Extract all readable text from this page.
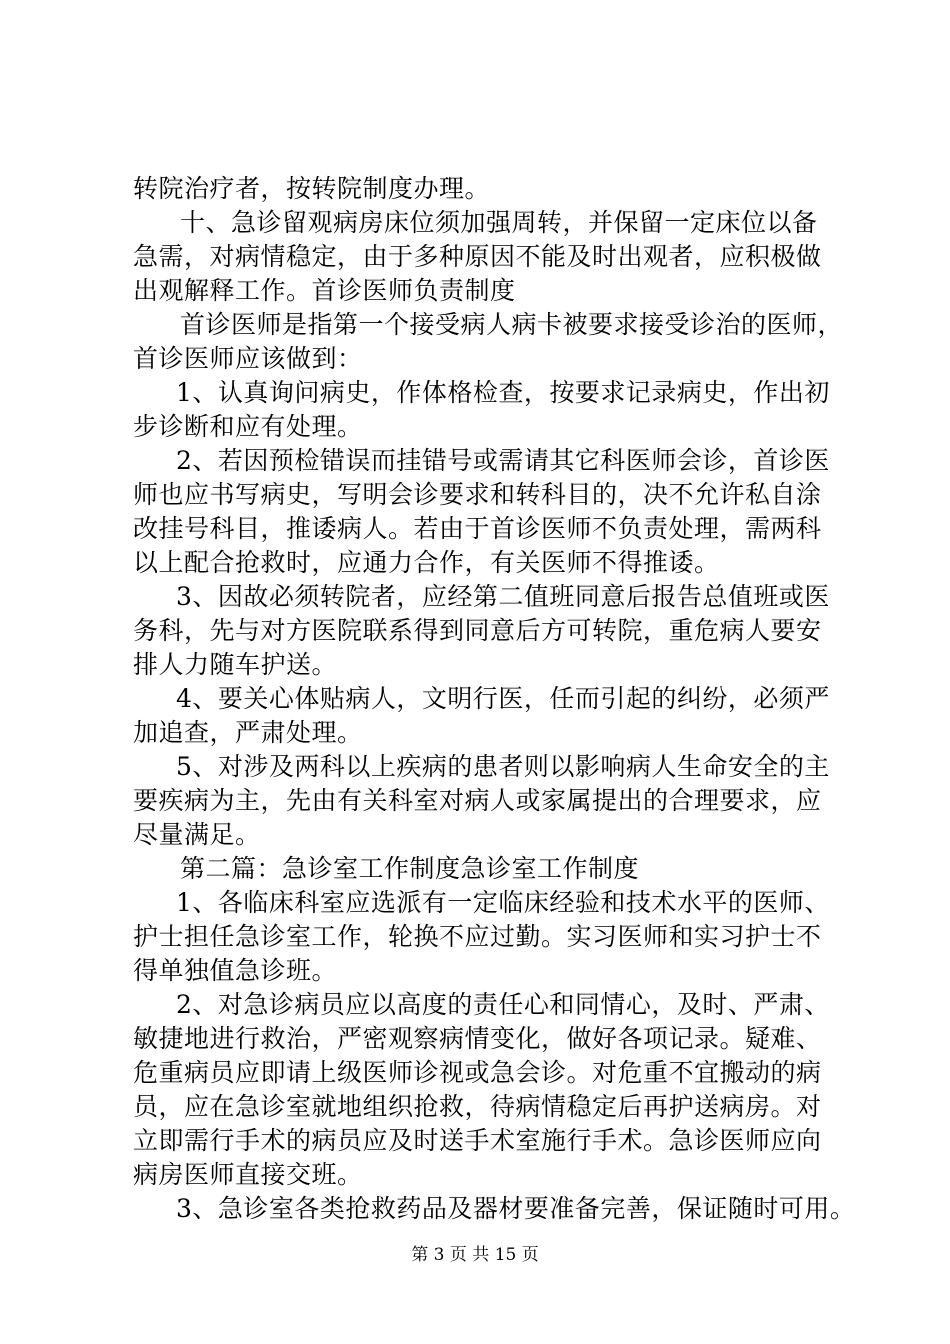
转院治疗者，按转院制度办理。
十、急诊留观病房床位须加强周转，并保留一定床位以备
急需，对病情稳定，由于多种原因不能及时出观者，应积极做
出观解释工作。首诊医师负责制度
首诊医师是指第一个接受病人病卡被要求接受诊治的医师，
首诊医师应该做到：
1、认真询问病史，作体格检查，按要求记录病史，作出初
步诊断和应有处理。
2、若因预检错误而挂错号或需请其它科医师会诊，首诊医
师也应书写病史，写明会诊要求和转科目的，决不允许私自涂
改挂号科目，推诿病人。若由于首诊医师不负责处理，需两科
以上配合抢救时，应通力合作，有关医师不得推诿。
3、因故必须转院者，应经第二值班同意后报告总值班或医
务科，先与对方医院联系得到同意后方可转院，重危病人要安
排人力随车护送。
4、要关心体贴病人，文明行医，任而引起的纠纷，必须严
加追查，严肃处理。
5、对涉及两科以上疾病的患者则以影响病人生命安全的主
要疾病为主，先由有关科室对病人或家属提出的合理要求，应
尽量满足。
第二篇：急诊室工作制度急诊室工作制度
1、各临床科室应选派有一定临床经验和技术水平的医师、
护士担任急诊室工作，轮换不应过勤。实习医师和实习护士不
得单独值急诊班。
2、对急诊病员应以高度的责任心和同情心，及时、严肃、
敏捷地进行救治，严密观察病情变化，做好各项记录。疑难、
危重病员应即请上级医师诊视或急会诊。对危重不宜搬动的病
员，应在急诊室就地组织抢救，待病情稳定后再护送病房。对
立即需行手术的病员应及时送手术室施行手术。急诊医师应向
病房医师直接交班。
3、急诊室各类抢救药品及器材要准备完善，保证随时可用。
第 3 页 共 15 页
